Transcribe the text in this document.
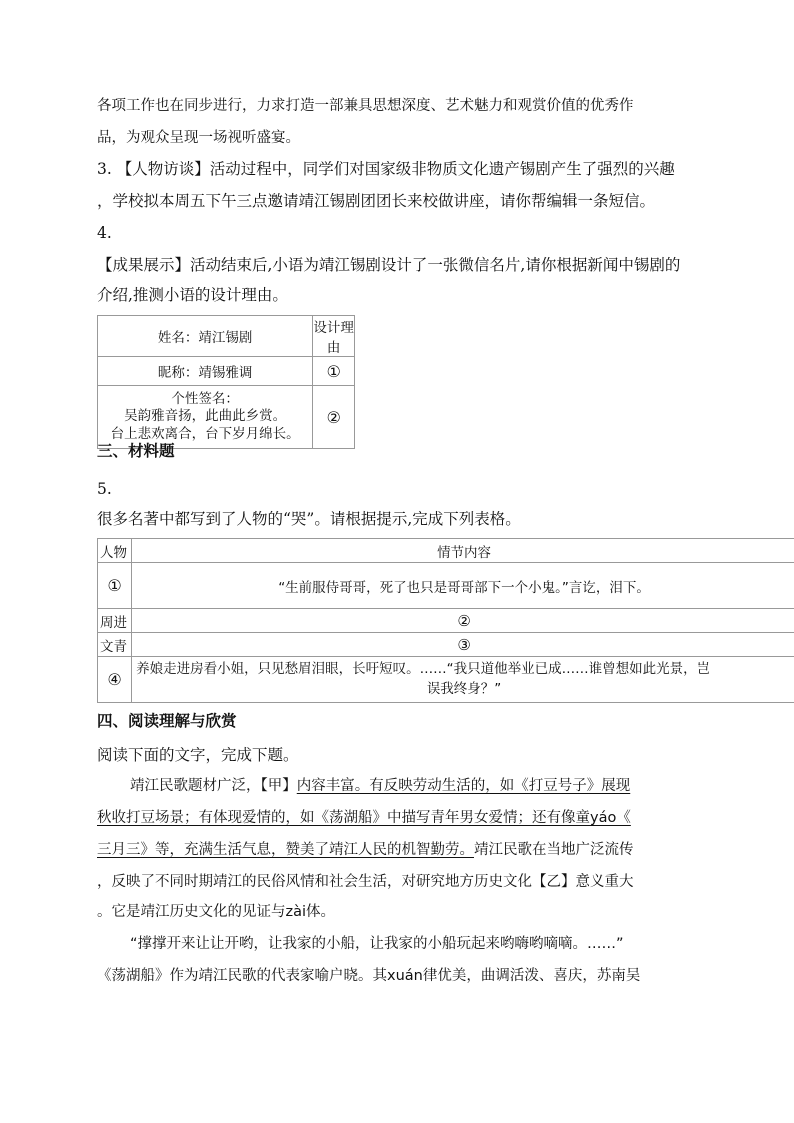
各项工作也在同步进行，力求打造一部兼具思想深度、艺术魅力和观赏价值的优秀作
品，为观众呈现一场视听盛宴。
3. 【人物访谈】活动过程中，同学们对国家级非物质文化遗产锡剧产生了强烈的兴趣
，学校拟本周五下午三点邀请靖江锡剧团团长来校做讲座，请你帮编辑一条短信。
4.
【成果展示】活动结束后,小语为靖江锡剧设计了一张微信名片,请你根据新闻中锡剧的
介绍,推测小语的设计理由。
姓名：靖江锡剧	设计理由
昵称：靖锡雅调	①

个性签名：
吴韵雅音扬，此曲此乡赏。
台上悲欢离合，台下岁月绵长。	②
三、材料题
5.
很多名著中都写到了人物的“哭”。请根据提示,完成下列表格。
人物	情节内容
①	“生前服侍哥哥，死了也只是哥哥部下一个小鬼。”言讫，泪下。
周进	②
文青	③
④	养娘走进房看小姐，只见愁眉泪眼，长吁短叹。……“我只道他举业已成……谁曾想如此光景，岂
误我终身？”
四、阅读理解与欣赏
阅读下面的文字，完成下题。
靖江民歌题材广泛，【甲】内容丰富。有反映劳动生活的，如《打豆号子》展现
秋收打豆场景；有体现爱情的，如《荡湖船》中描写青年男女爱情；还有像童yáo《
三月三》等，充满生活气息，赞美了靖江人民的机智勤劳。靖江民歌在当地广泛流传
，反映了不同时期靖江的民俗风情和社会生活，对研究地方历史文化【乙】意义重大
。它是靖江历史文化的见证与zài体。
“撑撑开来让让开哟，让我家的小船，让我家的小船玩起来哟嗨哟嘀嘀。……”
《荡湖船》作为靖江民歌的代表家喻户晓。其xuán律优美，曲调活泼、喜庆，苏南吴
